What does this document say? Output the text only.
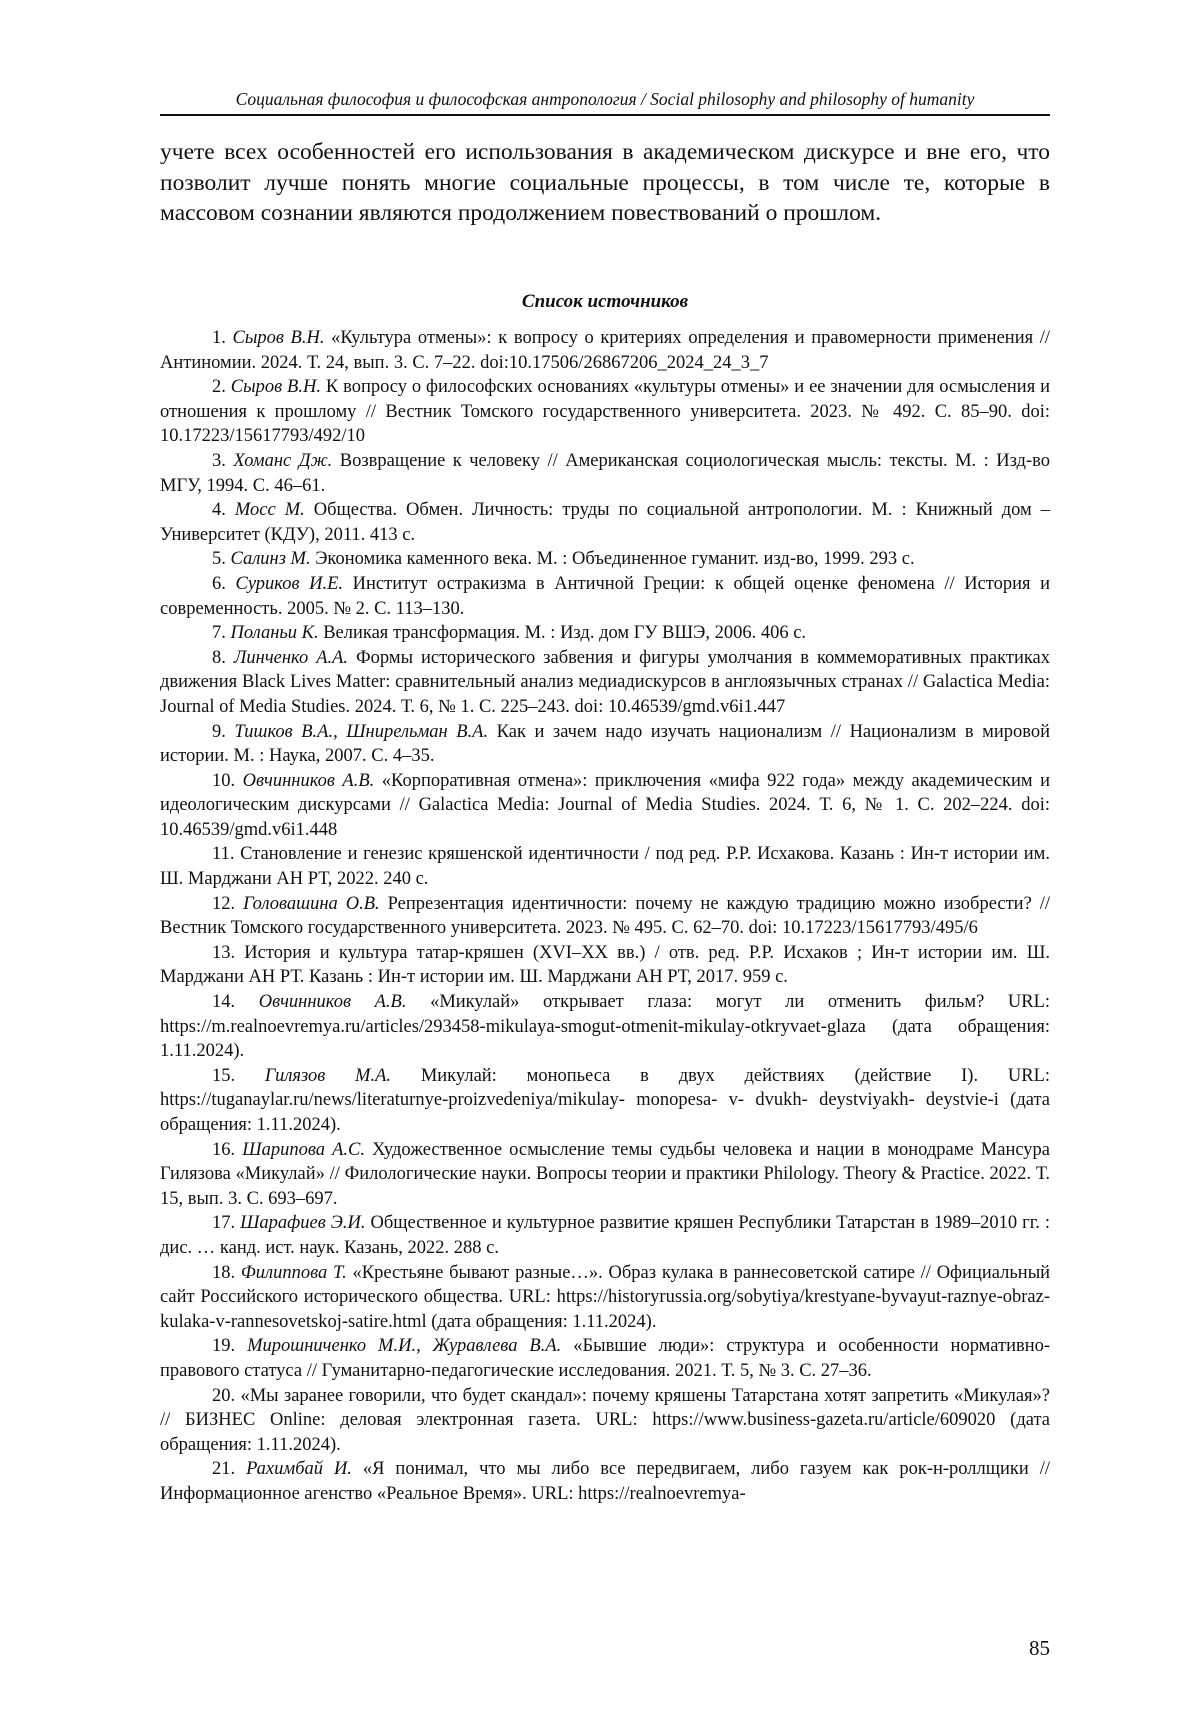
Социальная философия и философская антропология / Social philosophy and philosophy of humanity

учете всех особенностей его использования в академическом дискурсе и вне его, что позволит лучше понять многие социальные процессы, в том числе те, которые в массовом сознании являются продолжением повествований о прошлом.

Список источников
1. Сыров В.Н. «Культура отмены»: к вопросу о критериях определения и правомерности применения // Антиномии. 2024. Т. 24, вып. 3. С. 7–22. doi:10.17506/26867206_2024_24_3_7
2. Сыров В.Н. К вопросу о философских основаниях «культуры отмены» и ее значении для осмысления и отношения к прошлому // Вестник Томского государственного университета. 2023. № 492. С. 85–90. doi: 10.17223/15617793/492/10
3. Хоманс Дж. Возвращение к человеку // Американская социологическая мысль: тексты. М. : Изд-во МГУ, 1994. С. 46–61.
4. Мосс М. Общества. Обмен. Личность: труды по социальной антропологии. М. : Книжный дом – Университет (КДУ), 2011. 413 с.
5. Салинз М. Экономика каменного века. М. : Объединенное гуманит. изд-во, 1999. 293 с.
6. Суриков И.Е. Институт остракизма в Античной Греции: к общей оценке феномена // История и современность. 2005. № 2. С. 113–130.
7. Поланьи К. Великая трансформация. М. : Изд. дом ГУ ВШЭ, 2006. 406 с.
8. Линченко А.А. Формы исторического забвения и фигуры умолчания в коммеморативных практиках движения Black Lives Matter: сравнительный анализ медиадискурсов в англоязычных странах // Galactica Media: Journal of Media Studies. 2024. Т. 6, № 1. С. 225–243. doi: 10.46539/gmd.v6i1.447
9. Тишков В.А., Шнирельман В.А. Как и зачем надо изучать национализм // Национализм в мировой истории. М. : Наука, 2007. С. 4–35.
10. Овчинников А.В. «Корпоративная отмена»: приключения «мифа 922 года» между академическим и идеологическим дискурсами // Galactica Media: Journal of Media Studies. 2024. Т. 6, № 1. С. 202–224. doi: 10.46539/gmd.v6i1.448
11. Становление и генезис кряшенской идентичности / под ред. Р.Р. Исхакова. Казань : Ин-т истории им. Ш. Марджани АН РТ, 2022. 240 с.
12. Головашина О.В. Репрезентация идентичности: почему не каждую традицию можно изобрести? // Вестник Томского государственного университета. 2023. № 495. С. 62–70. doi: 10.17223/15617793/495/6
13. История и культура татар-кряшен (XVI–XX вв.) / отв. ред. Р.Р. Исхаков ; Ин-т истории им. Ш. Марджани АН РТ. Казань : Ин-т истории им. Ш. Марджани АН РТ, 2017. 959 с.
14. Овчинников А.В. «Микулай» открывает глаза: могут ли отменить фильм? URL: https://m.realnoevremya.ru/articles/293458-mikulaya-smogut-otmenit-mikulay-otkryvaet-glaza (дата обращения: 1.11.2024).
15. Гилязов М.А. Микулай: монопьеса в двух действиях (действие I). URL: https://tuganaylar.ru/news/literaturnye-proizvedeniya/mikulay- monopesa- v- dvukh- deystviyakh- deystvie-i (дата обращения: 1.11.2024).
16. Шарипова А.С. Художественное осмысление темы судьбы человека и нации в монодраме Мансура Гилязова «Микулай» // Филологические науки. Вопросы теории и практики Philology. Theory & Practice. 2022. Т. 15, вып. 3. С. 693–697.
17. Шарафиев Э.И. Общественное и культурное развитие кряшен Республики Татарстан в 1989–2010 гг. : дис. … канд. ист. наук. Казань, 2022. 288 с.
18. Филиппова Т. «Крестьяне бывают разные…». Образ кулака в раннесоветской сатире // Официальный сайт Российского исторического общества. URL: https://historyrussia.org/sobytiya/krestyane-byvayut-raznye-obraz-kulaka-v-rannesovetskoj-satire.html (дата обращения: 1.11.2024).
19. Мирошниченко М.И., Журавлева В.А. «Бывшие люди»: структура и особенности нормативно-правового статуса // Гуманитарно-педагогические исследования. 2021. Т. 5, № 3. С. 27–36.
20. «Мы заранее говорили, что будет скандал»: почему кряшены Татарстана хотят запретить «Микулая»? // БИЗНЕС Online: деловая электронная газета. URL: https://www.business-gazeta.ru/article/609020 (дата обращения: 1.11.2024).
21. Рахимбай И. «Я понимал, что мы либо все передвигаем, либо газуем как рок-н-роллщики // Информационное агенство «Реальное Время». URL: https://realnoevremya-
85
